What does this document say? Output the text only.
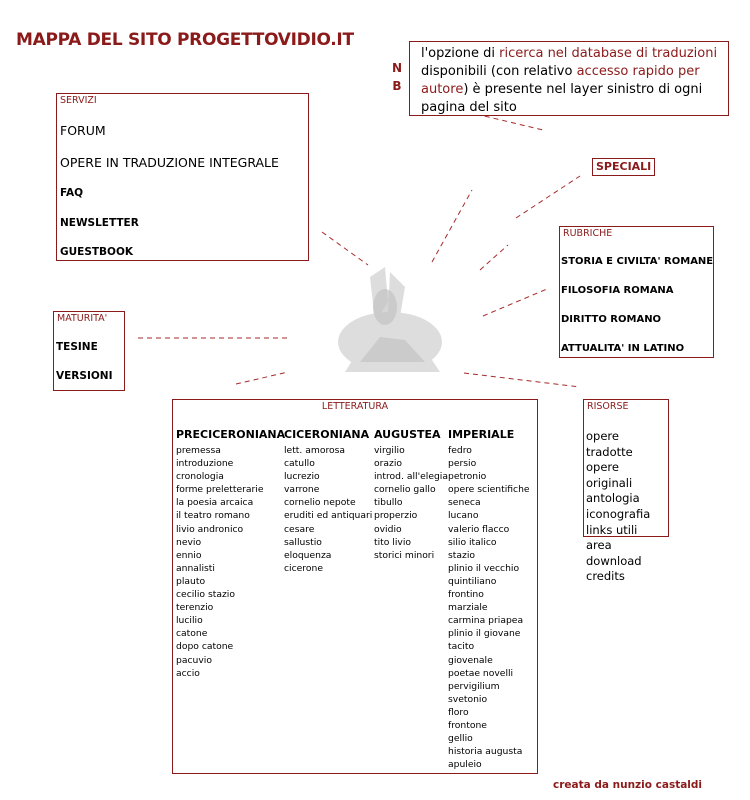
MAPPA DEL SITO PROGETTOVIDIO.IT
N
B
l'opzione di ricerca nel database di traduzioni disponibili (con relativo accesso rapido per autore) è presente nel layer sinistro di ogni pagina del sito
SERVIZI
FORUM
OPERE IN TRADUZIONE INTEGRALE
FAQ
NEWSLETTER
GUESTBOOK
SPECIALI
RUBRICHE
STORIA E CIVILTA' ROMANE
FILOSOFIA ROMANA
DIRITTO ROMANO
ATTUALITA' IN LATINO
MATURITA'
TESINE
VERSIONI
LETTERATURA
PRECICERONIANA
premessa
introduzione
cronologia
forme preletterarie
la poesia arcaica
il teatro romano
livio andronico
nevio
ennio
annalisti
plauto
cecilio stazio
terenzio
lucilio
catone
dopo catone
pacuvio
accio
CICERONIANA
lett. amorosa
catullo
lucrezio
varrone
cornelio nepote
eruditi ed antiquari
cesare
sallustio
eloquenza
cicerone
AUGUSTEA
virgilio
orazio
introd. all'elegia
cornelio gallo
tibullo
properzio
ovidio
tito livio
storici minori
IMPERIALE
fedro
persio
petronio
opere scientifiche
seneca
lucano
valerio flacco
silio italico
stazio
plinio il vecchio
quintiliano
frontino
marziale
carmina priapea
plinio il giovane
tacito
giovenale
poetae novelli
pervigilium
svetonio
floro
frontone
gellio
historia augusta
apuleio
RISORSE
opere tradotte
opere originali
antologia
iconografia
links utili
area download
credits
creata da nunzio castaldi
